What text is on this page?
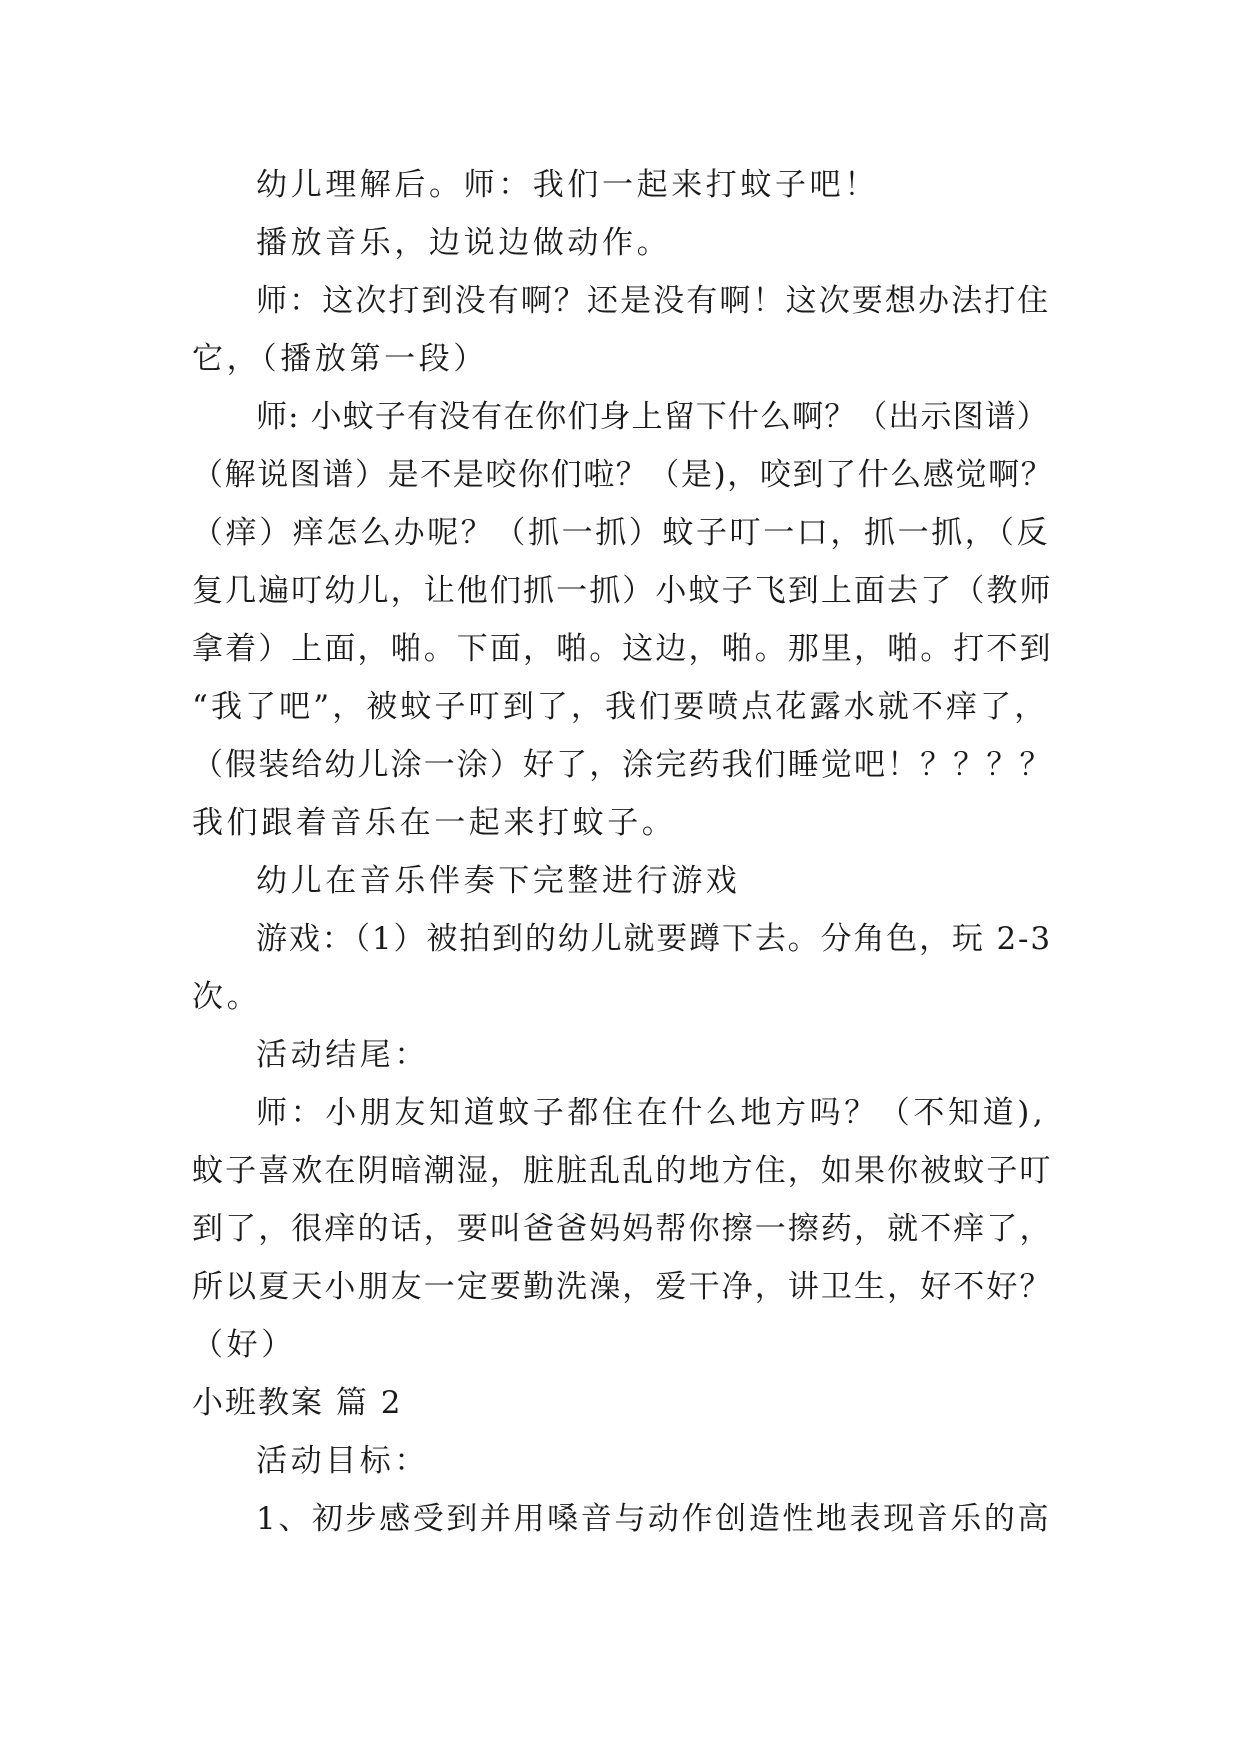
幼儿理解后。师：我们一起来打蚊子吧！
播放音乐，边说边做动作。
师：这次打到没有啊？还是没有啊！这次要想办法打住
它，（播放第一段）
师: 小蚊子有没有在你们身上留下什么啊？（出示图谱）
（解说图谱）是不是咬你们啦？（是)，咬到了什么感觉啊？
（痒）痒怎么办呢？（抓一抓）蚊子叮一口，抓一抓，（反
复几遍叮幼儿，让他们抓一抓）小蚊子飞到上面去了（教师
拿着）上面，啪。下面，啪。这边，啪。那里，啪。打不到
“我了吧”，被蚊子叮到了，我们要喷点花露水就不痒了，
（假装给幼儿涂一涂）好了，涂完药我们睡觉吧！？？？？
我们跟着音乐在一起来打蚊子。
幼儿在音乐伴奏下完整进行游戏
游戏：（1）被拍到的幼儿就要蹲下去。分角色，玩 2-3
次。
活动结尾：
师：小朋友知道蚊子都住在什么地方吗？（不知道),
蚊子喜欢在阴暗潮湿，脏脏乱乱的地方住，如果你被蚊子叮
到了，很痒的话，要叫爸爸妈妈帮你擦一擦药，就不痒了，
所以夏天小朋友一定要勤洗澡，爱干净，讲卫生，好不好？
（好）
小班教案 篇 2
活动目标：
1、初步感受到并用嗓音与动作创造性地表现音乐的高
